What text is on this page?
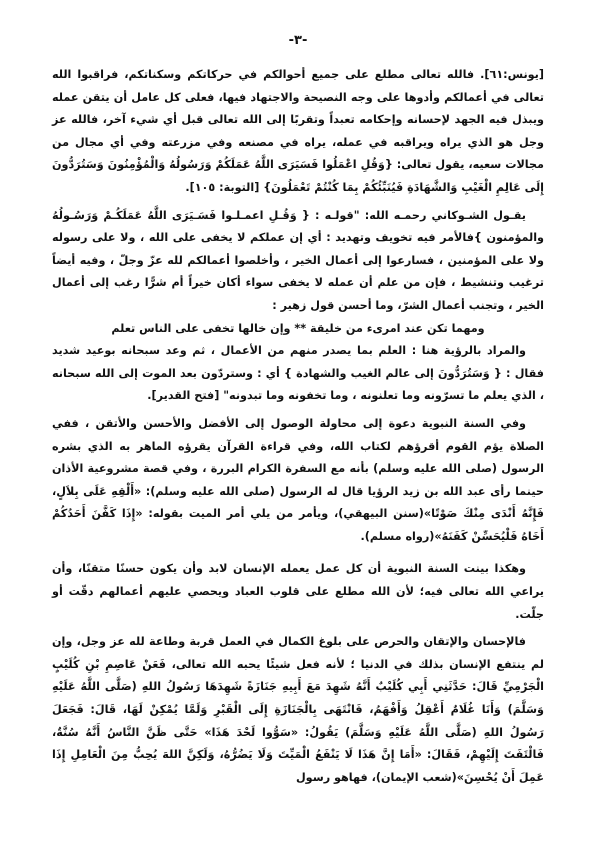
-٣-

[يونس:٦١]. فالله تعالى مطلع على جميع أحوالكم في حركاتكم وسكناتكم، فراقبوا الله تعالى في أعمالكم وأدوها على وجه النصيحة والاجتهاد فيها، فعلى كل عامل أن يتقن عمله ويبذل فيه الجهد لإحسانه وإحكامه تعبداً وتقربًا إلى الله تعالى قبل أي شيء آخر، فالله عز وجل هو الذي يراه ويراقبه في عمله، يراه في مصنعه وفي مزرعته وفي أي مجال من مجالات سعيه، يقول تعالى: {وَقُلِ اعْمَلُوا فَسَيَرَى اللَّهُ عَمَلَكُمْ وَرَسُولُهُ وَالْمُؤْمِنُونَ وَسَتُرَدُّونَ إِلَى عَالِمِ الْغَيْبِ وَالشَّهَادَةِ فَيُنَبِّئُكُمْ بِمَا كُنْتُمْ تَعْمَلُونَ} [التوبة: ١٠٥].

يقـول الشـوكاني رحمـه الله: "قولـه : { وَقُـلِ اعمـلـوا فَسَـيَرَى اللَّهُ عَمَلَكُـمْ وَرَسُـولُهُ والمؤمنون }فالأمر فيه تخويف وتهديد : أي إن عملكم لا يخفى على الله ، ولا على رسوله ولا على المؤمنين ، فسارعوا إلى أعمال الخير ، وأخلصوا أعمالكم لله عزّ وجلّ ، وفيه أيضاً ترغيب وتنشيط ، فإن من علم أن عمله لا يخفى سواء أكان خيراً أم شرًّا رغب إلى أعمال الخير ، وتجنب أعمال الشرّ، وما أحسن قول زهير :

ومهما تكن عند امرىء من خليقة ** وإن خالها تخفى على الناس تعلم

والمراد بالرؤية هنا : العلم بما يصدر منهم من الأعمال ، ثم وعد سبحانه بوعيد شديد فقال : { وَسَتُرَدُّونَ إلى عالم الغيب والشهادة } أي : وستردّون بعد الموت إلى الله سبحانه ، الذي يعلم ما تسرّونه وما تعلنونه ، وما تخفونه وما تبدونه" [فتح القدير].

وفي السنة النبوية دعوة إلى محاولة الوصول إلى الأفضل والأحسن والأتقن ، ففي الصلاة يؤم القوم أقرؤهم لكتاب الله، وفي قراءة القرآن يقرؤه الماهر به الذي بشره الرسول (صلى الله عليه وسلم) بأنه مع السفرة الكرام البررة ، وفي قصة مشروعية الأذان حينما رأى عبد الله بن زيد الرؤيا قال له الرسول (صلى الله عليه وسلم): «أَلْقِهِ عَلَى بِلاَلٍ، فَإِنَّهُ أَنْدَى مِنْكَ صَوْتًا»(سنن البيهقي)، ويأمر من يلي أمر الميت بقوله: «إِذَا كَفَّنَ أَحَدُكُمْ أَخَاهُ فَلْيُحَسِّنْ كَفَنَهُ»(رواه مسلم).

وهكذا بينت السنة النبوية أن كل عمل يعمله الإنسان لابد وأن يكون حسنًا متقنًا، وأن يراعي الله تعالى فيه؛ لأن الله مطلع على قلوب العباد ويحصي عليهم أعمالهم دقّت أو جلّت.

فالإحسان والإتقان والحرص على بلوغ الكمال في العمل قربة وطاعة لله عز وجل، وإن لم ينتفع الإنسان بذلك في الدنيا ؛ لأنه فعل شيئًا يحبه الله تعالى، فَعَنْ عَاصِمِ بْنِ كُلَيْبٍ الْجَرْمِيِّ قَالَ: حَدَّثَنِي أَبِي كُلَيْبٌ أَنَّهُ شَهِدَ مَعَ أَبِيهِ جَنَازَةً شَهِدَهَا رَسُولُ اللهِ (صَلَّى اللَّهُ عَلَيْهِ وَسَلَّمَ) وَأَنَا غُلَامٌ أَعْقِلُ وَأَفْهَمُ، فَانْتَهَى بِالْجَنَازَةِ إِلَى الْقَبْرِ وَلَمَّا يُمْكِنْ لَهَا، قَالَ: فَجَعَلَ رَسُولُ اللهِ (صَلَّى اللَّهُ عَلَيْهِ وَسَلَّمَ) يَقُولُ: «سَوُّوا لَحْدَ هَذَا» حَتَّى ظَنَّ النَّاسُ أَنَّهُ سُنَّةٌ، فَالْتَفَتَ إِلَيْهِمْ، فَقَالَ: «أَمَا إِنَّ هَذَا لَا يَنْفَعُ الْمَيِّتَ وَلَا يَضُرُّهُ، وَلَكِنَّ اللهَ يُحِبُّ مِنَ الْعَامِلِ إِذَا عَمِلَ أَنْ يُحْسِنَ»(شعب الإيمان)، فهاهو رسول
